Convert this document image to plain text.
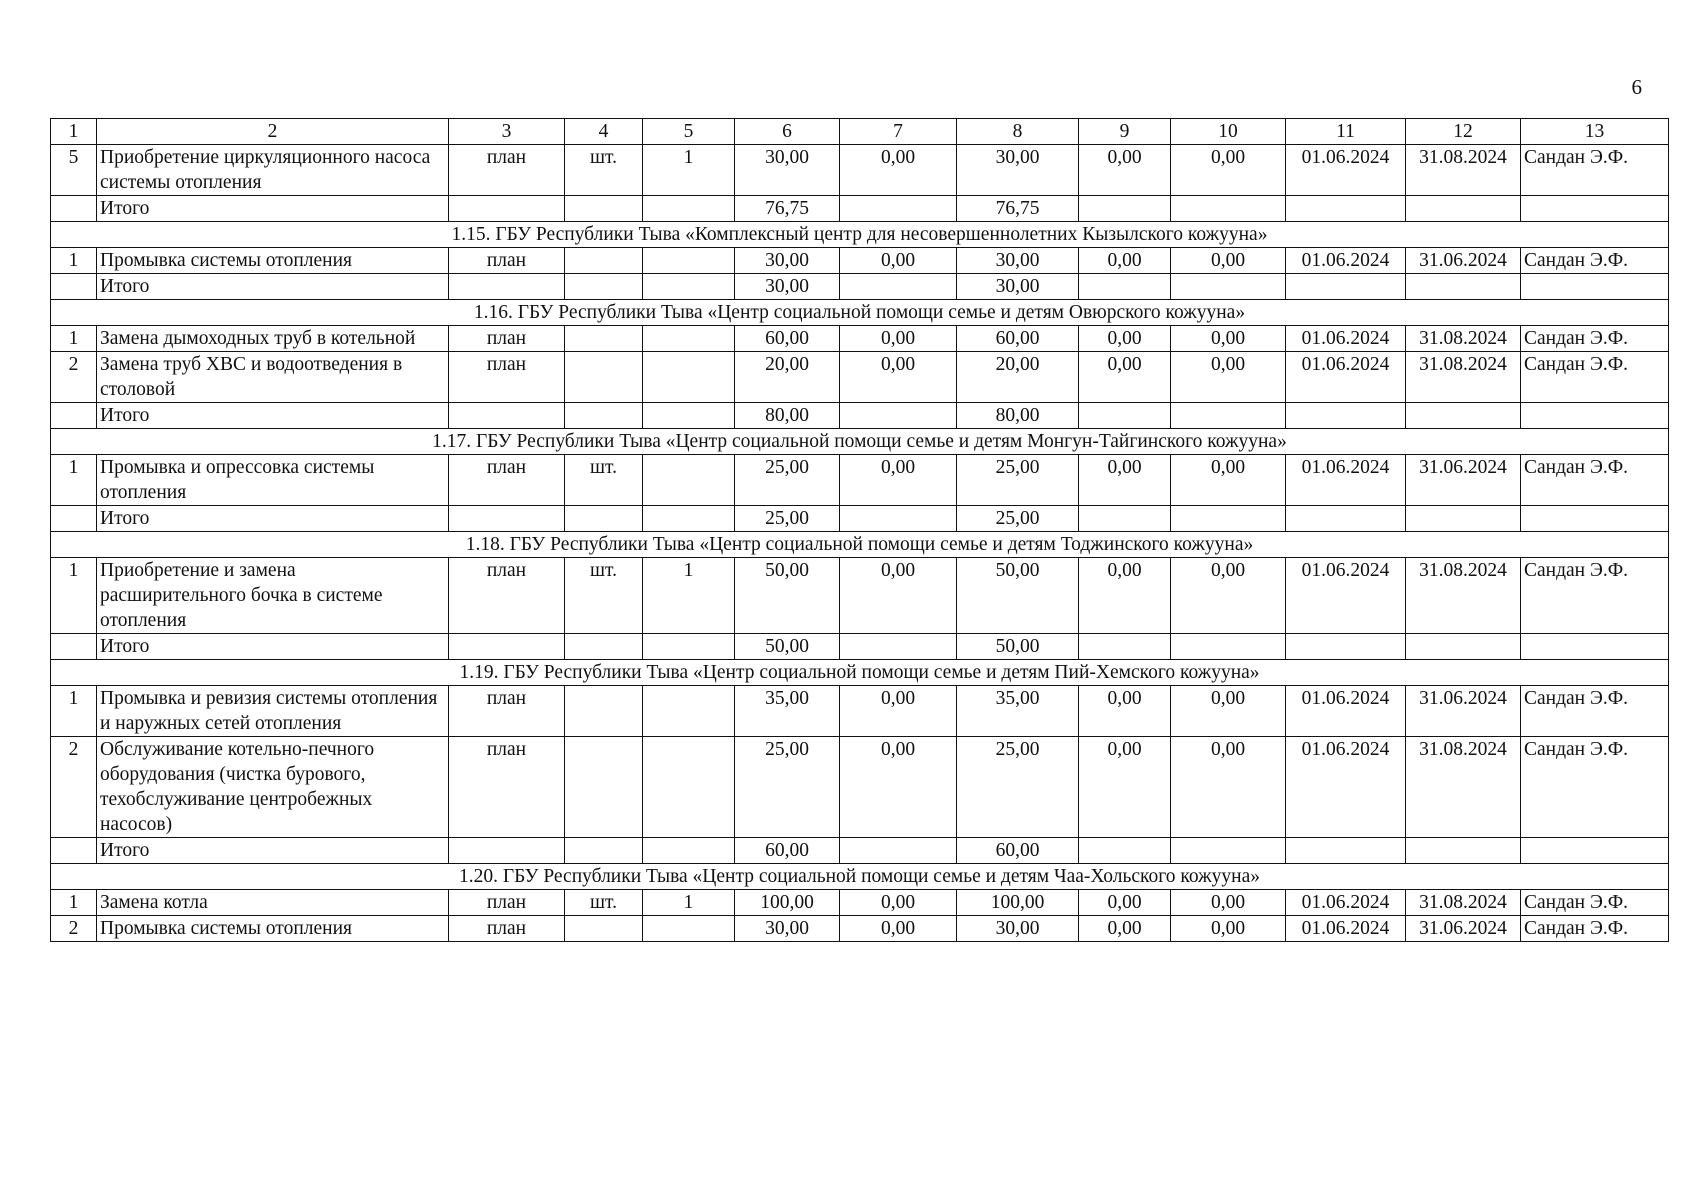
6
1	2	3	4	5	6	7	8	9	10	11	12	13
5	Приобретение циркуляционного насоса системы отопления	план	шт.	1	30,00	0,00	30,00	0,00	0,00	01.06.2024	31.08.2024	Сандан Э.Ф.
	Итого				76,75		76,75					
1.15. ГБУ Республики Тыва «Комплексный центр для несовершеннолетних Кызылского кожууна»												
1	Промывка системы отопления	план			30,00	0,00	30,00	0,00	0,00	01.06.2024	31.06.2024	Сандан Э.Ф.
	Итого				30,00		30,00					
1.16. ГБУ Республики Тыва «Центр социальной помощи семье и детям Овюрского кожууна»												
1	Замена дымоходных труб в котельной	план			60,00	0,00	60,00	0,00	0,00	01.06.2024	31.08.2024	Сандан Э.Ф.
2	Замена труб ХВС и водоотведения в столовой	план			20,00	0,00	20,00	0,00	0,00	01.06.2024	31.08.2024	Сандан Э.Ф.
	Итого				80,00		80,00					
1.17. ГБУ Республики Тыва «Центр социальной помощи семье и детям Монгун-Тайгинского кожууна»												
1	Промывка и опрессовка системы отопления	план	шт.		25,00	0,00	25,00	0,00	0,00	01.06.2024	31.06.2024	Сандан Э.Ф.
	Итого				25,00		25,00					
1.18. ГБУ Республики Тыва «Центр социальной помощи семье и детям Тоджинского кожууна»												
1	Приобретение и замена расширительного бочка в системе отопления	план	шт.	1	50,00	0,00	50,00	0,00	0,00	01.06.2024	31.08.2024	Сандан Э.Ф.
	Итого				50,00		50,00					
1.19. ГБУ Республики Тыва «Центр социальной помощи семье и детям Пий-Хемского кожууна»												
1	Промывка и ревизия системы отопления и наружных сетей отопления	план			35,00	0,00	35,00	0,00	0,00	01.06.2024	31.06.2024	Сандан Э.Ф.
2	Обслуживание котельно-печного оборудования (чистка бурового, техобслуживание центробежных насосов)	план			25,00	0,00	25,00	0,00	0,00	01.06.2024	31.08.2024	Сандан Э.Ф.
	Итого				60,00		60,00					
1.20. ГБУ Республики Тыва «Центр социальной помощи семье и детям Чаа-Хольского кожууна»												
1	Замена котла	план	шт.	1	100,00	0,00	100,00	0,00	0,00	01.06.2024	31.08.2024	Сандан Э.Ф.
2	Промывка системы отопления	план			30,00	0,00	30,00	0,00	0,00	01.06.2024	31.06.2024	Сандан Э.Ф.
